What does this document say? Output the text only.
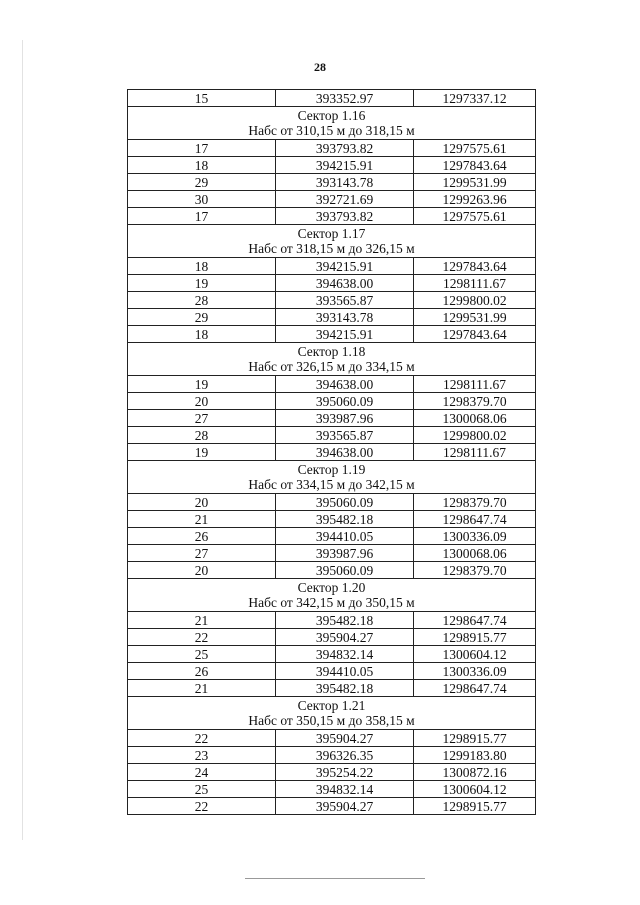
28
15	393352.97	1297337.12

Сектор 1.16
Набс от 310,15 м до 318,15 м		

17	393793.82	1297575.61
18	394215.91	1297843.64
29	393143.78	1299531.99
30	392721.69	1299263.96
17	393793.82	1297575.61

Сектор 1.17
Набс от 318,15 м до 326,15 м		

18	394215.91	1297843.64
19	394638.00	1298111.67
28	393565.87	1299800.02
29	393143.78	1299531.99
18	394215.91	1297843.64

Сектор 1.18
Набс от 326,15 м до 334,15 м		

19	394638.00	1298111.67
20	395060.09	1298379.70
27	393987.96	1300068.06
28	393565.87	1299800.02
19	394638.00	1298111.67

Сектор 1.19
Набс от 334,15 м до 342,15 м		

20	395060.09	1298379.70
21	395482.18	1298647.74
26	394410.05	1300336.09
27	393987.96	1300068.06
20	395060.09	1298379.70

Сектор 1.20
Набс от 342,15 м до 350,15 м		

21	395482.18	1298647.74
22	395904.27	1298915.77
25	394832.14	1300604.12
26	394410.05	1300336.09
21	395482.18	1298647.74

Сектор 1.21
Набс от 350,15 м до 358,15 м		

22	395904.27	1298915.77
23	396326.35	1299183.80
24	395254.22	1300872.16
25	394832.14	1300604.12
22	395904.27	1298915.77
